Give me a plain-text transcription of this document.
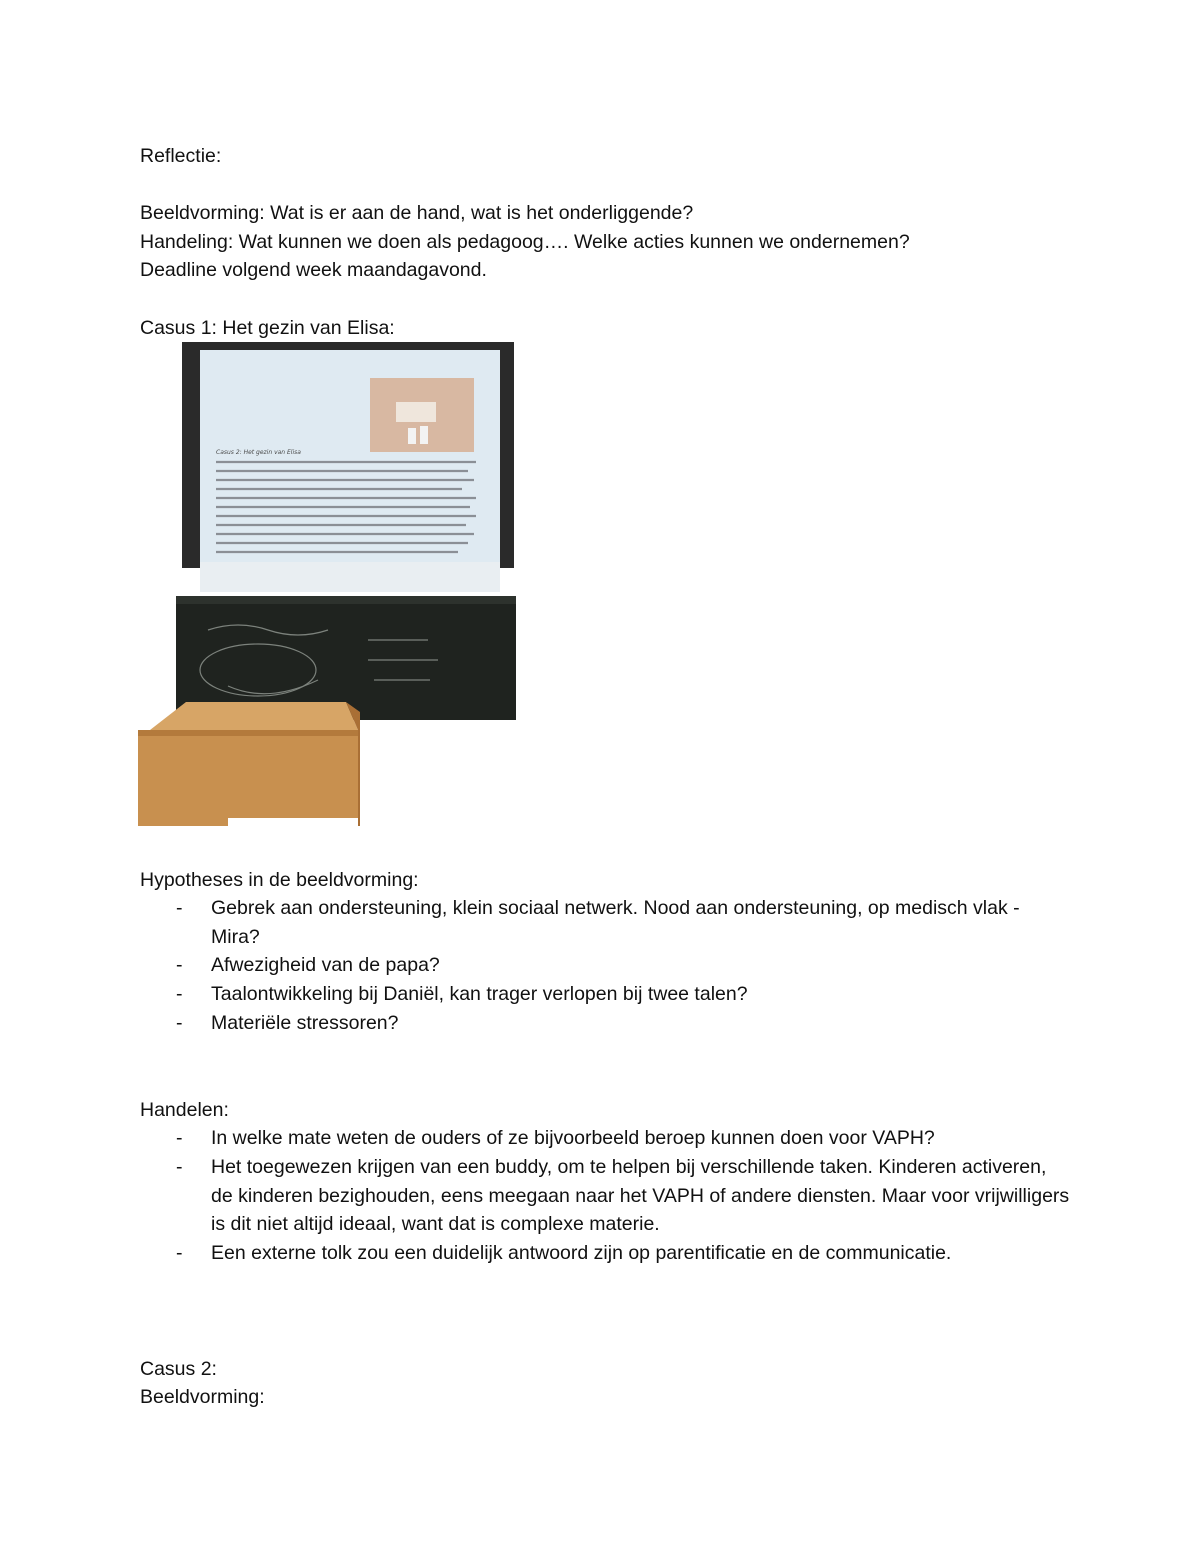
Reflectie:
Beeldvorming: Wat is er aan de hand, wat is het onderliggende?
Handeling: Wat kunnen we doen als pedagoog…. Welke acties kunnen we ondernemen?
Deadline volgend week maandagavond.
Casus 1: Het gezin van Elisa:
Casus 2: Het gezin van Elisa
Hypotheses in de beeldvorming:
- Gebrek aan ondersteuning, klein sociaal netwerk. Nood aan ondersteuning, op medisch vlak - Mira?
- Afwezigheid van de papa?
- Taalontwikkeling bij Daniël, kan trager verlopen bij twee talen?
- Materiële stressoren?
Handelen:
- In welke mate weten de ouders of ze bijvoorbeeld beroep kunnen doen voor VAPH?
- Het toegewezen krijgen van een buddy, om te helpen bij verschillende taken. Kinderen activeren, de kinderen bezighouden, eens meegaan naar het VAPH of andere diensten. Maar voor vrijwilligers is dit niet altijd ideaal, want dat is complexe materie.
- Een externe tolk zou een duidelijk antwoord zijn op parentificatie en de communicatie.
Casus 2:
Beeldvorming:
